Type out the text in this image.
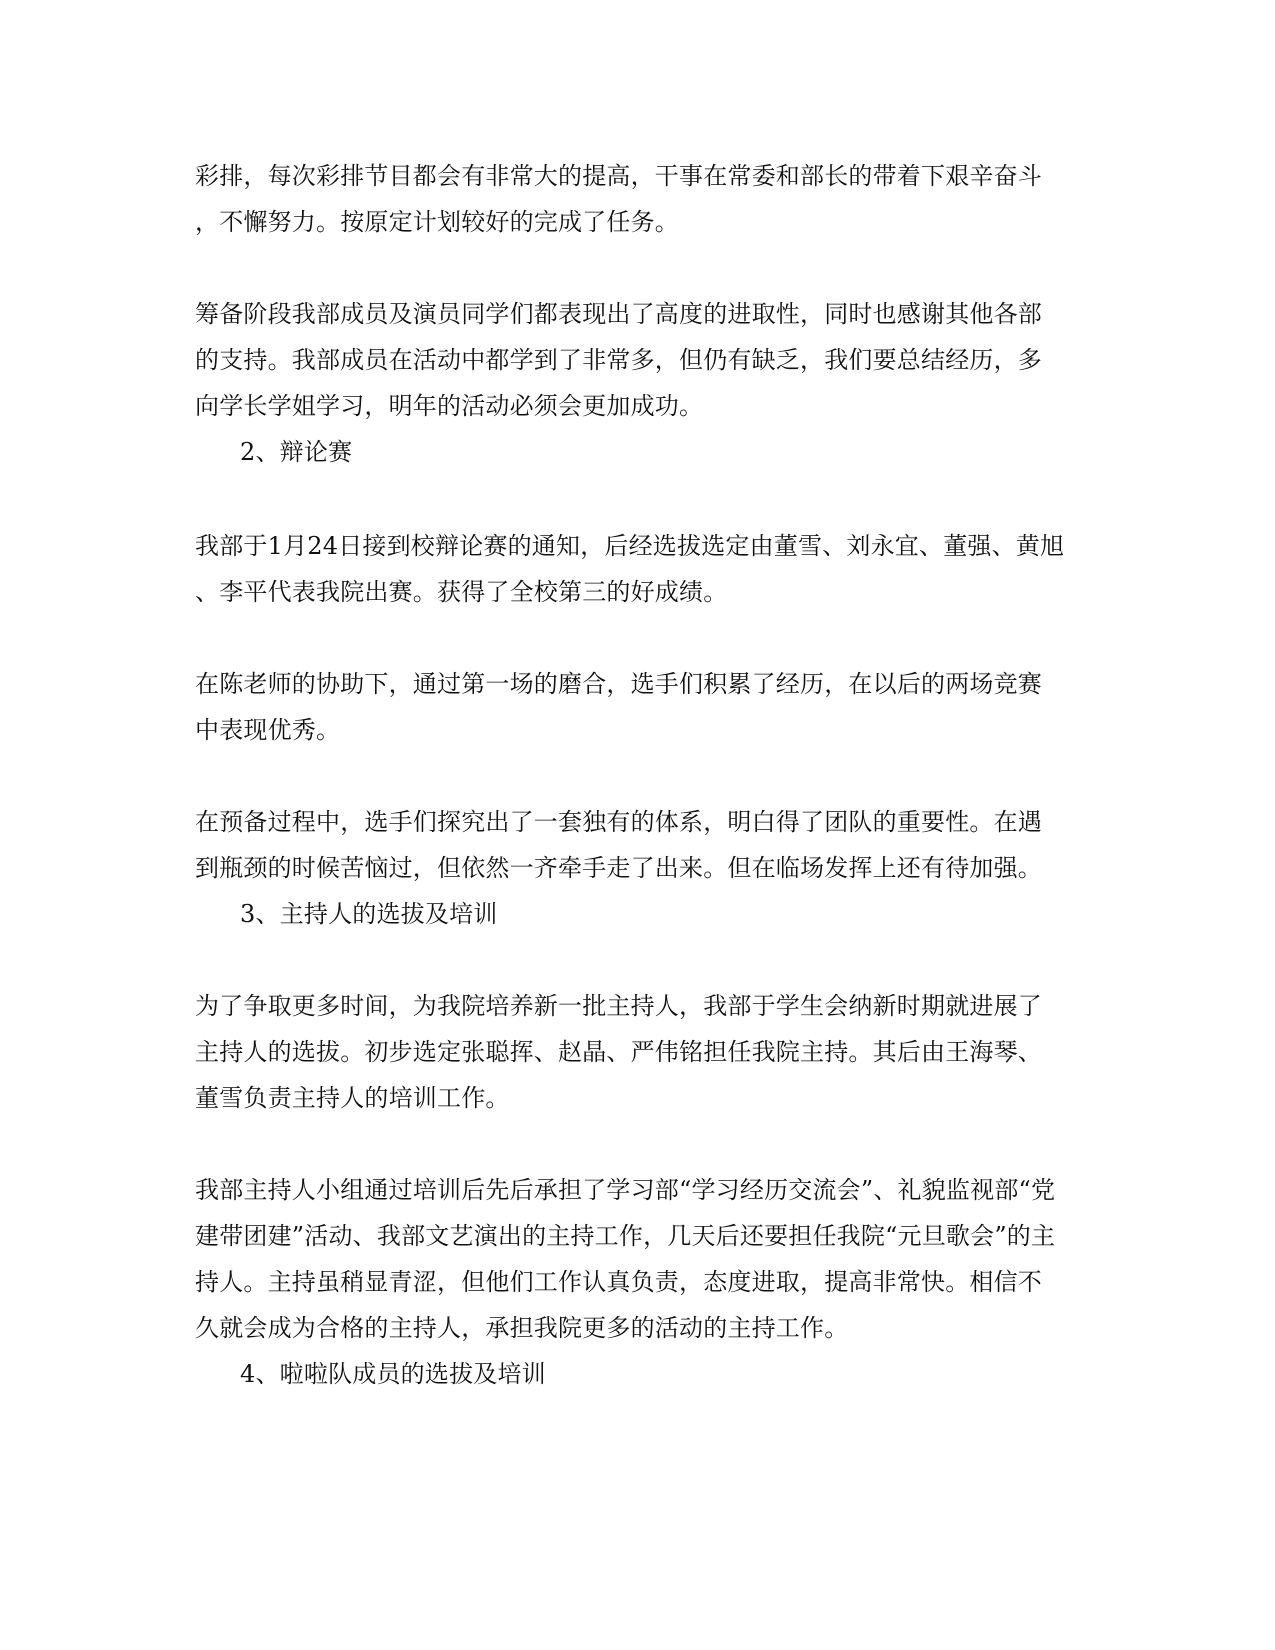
彩排，每次彩排节目都会有非常大的提高，干事在常委和部长的带着下艰辛奋斗
，不懈努力。按原定计划较好的完成了任务。
筹备阶段我部成员及演员同学们都表现出了高度的进取性，同时也感谢其他各部
的支持。我部成员在活动中都学到了非常多，但仍有缺乏，我们要总结经历，多
向学长学姐学习，明年的活动必须会更加成功。
2、辩论赛
我部于1月24日接到校辩论赛的通知，后经选拔选定由董雪、刘永宜、董强、黄旭
、李平代表我院出赛。获得了全校第三的好成绩。
在陈老师的协助下，通过第一场的磨合，选手们积累了经历，在以后的两场竞赛
中表现优秀。
在预备过程中，选手们探究出了一套独有的体系，明白得了团队的重要性。在遇
到瓶颈的时候苦恼过，但依然一齐牵手走了出来。但在临场发挥上还有待加强。
3、主持人的选拔及培训
为了争取更多时间，为我院培养新一批主持人，我部于学生会纳新时期就进展了
主持人的选拔。初步选定张聪挥、赵晶、严伟铭担任我院主持。其后由王海琴、
董雪负责主持人的培训工作。
我部主持人小组通过培训后先后承担了学习部“学习经历交流会”、礼貌监视部“党
建带团建”活动、我部文艺演出的主持工作，几天后还要担任我院“元旦歌会”的主
持人。主持虽稍显青涩，但他们工作认真负责，态度进取，提高非常快。相信不
久就会成为合格的主持人，承担我院更多的活动的主持工作。
4、啦啦队成员的选拔及培训
